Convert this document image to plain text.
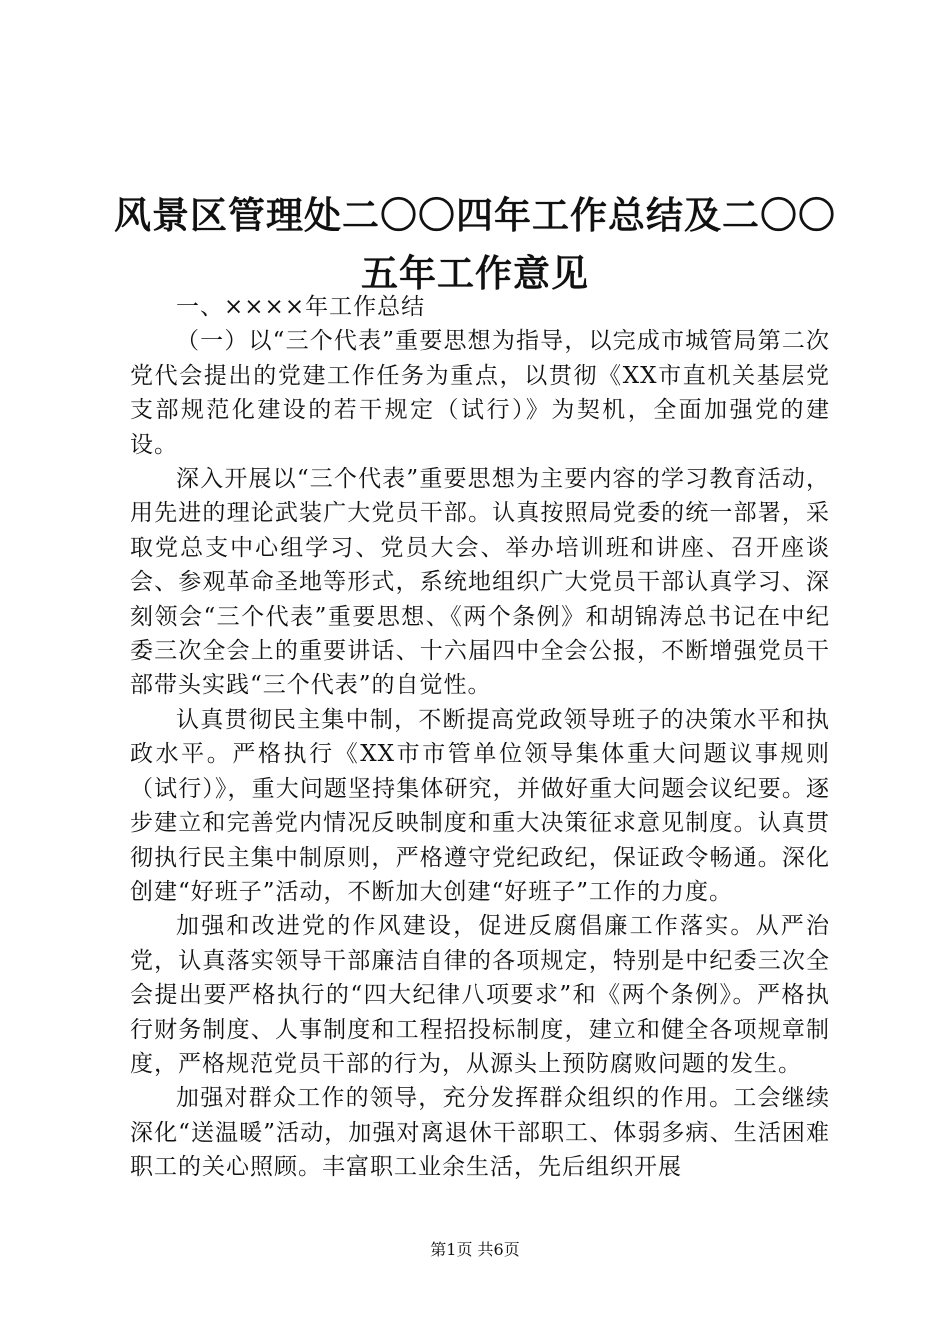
风景区管理处二〇〇四年工作总结及二〇〇五年工作意见

一、××××年工作总结

（一）以“三个代表”重要思想为指导，以完成市城管局第二次党代会提出的党建工作任务为重点，以贯彻《XX市直机关基层党支部规范化建设的若干规定（试行）》为契机，全面加强党的建设。

深入开展以“三个代表”重要思想为主要内容的学习教育活动，用先进的理论武装广大党员干部。认真按照局党委的统一部署，采取党总支中心组学习、党员大会、举办培训班和讲座、召开座谈会、参观革命圣地等形式，系统地组织广大党员干部认真学习、深刻领会“三个代表”重要思想、《两个条例》和胡锦涛总书记在中纪委三次全会上的重要讲话、十六届四中全会公报，不断增强党员干部带头实践“三个代表”的自觉性。

认真贯彻民主集中制，不断提高党政领导班子的决策水平和执政水平。严格执行《XX市市管单位领导集体重大问题议事规则（试行）》，重大问题坚持集体研究，并做好重大问题会议纪要。逐步建立和完善党内情况反映制度和重大决策征求意见制度。认真贯彻执行民主集中制原则，严格遵守党纪政纪，保证政令畅通。深化创建“好班子”活动，不断加大创建“好班子”工作的力度。

加强和改进党的作风建设，促进反腐倡廉工作落实。从严治党，认真落实领导干部廉洁自律的各项规定，特别是中纪委三次全会提出要严格执行的“四大纪律八项要求”和《两个条例》。严格执行财务制度、人事制度和工程招投标制度，建立和健全各项规章制度，严格规范党员干部的行为，从源头上预防腐败问题的发生。

加强对群众工作的领导，充分发挥群众组织的作用。工会继续深化“送温暖”活动，加强对离退休干部职工、体弱多病、生活困难职工的关心照顾。丰富职工业余生活，先后组织开展

第1页 共6页
